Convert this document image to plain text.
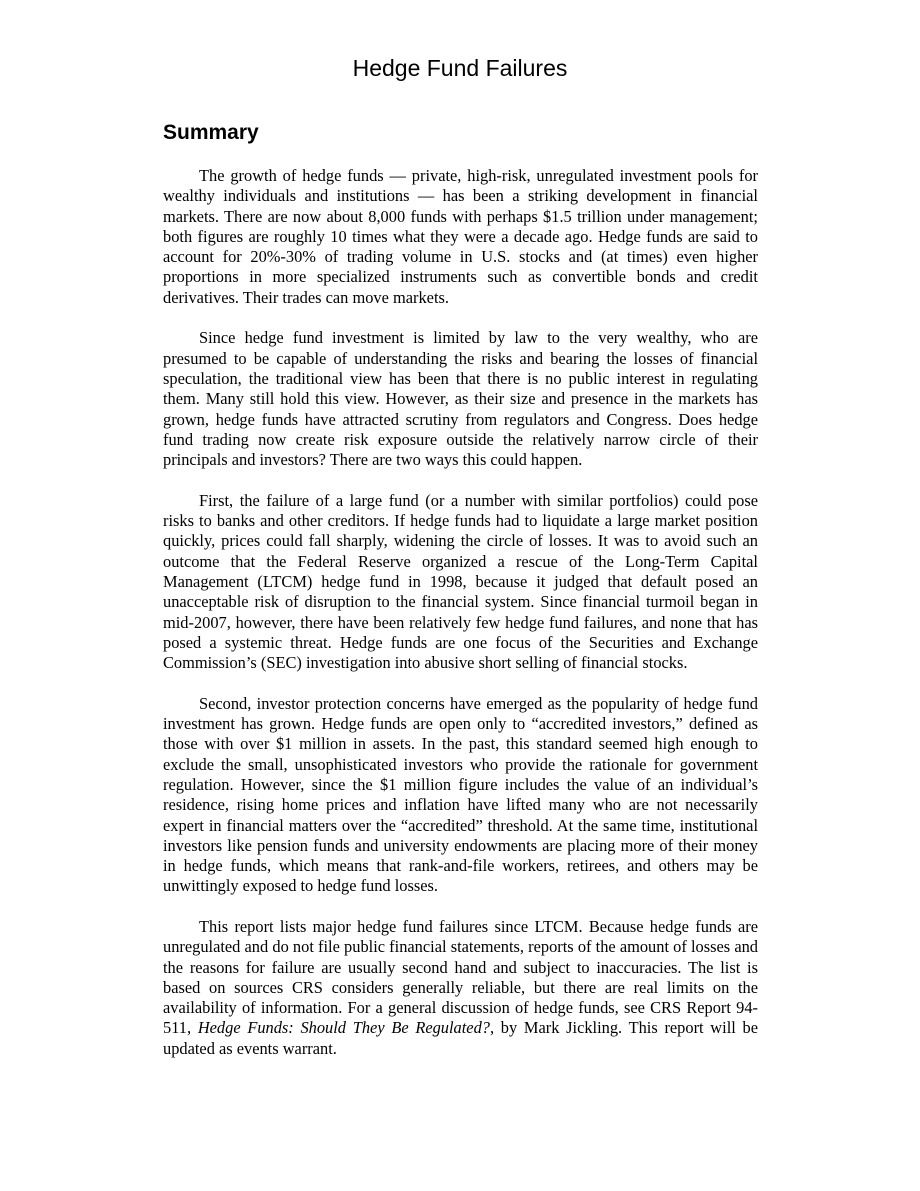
Hedge Fund Failures
Summary

The growth of hedge funds — private, high-risk, unregulated investment pools for wealthy individuals and institutions — has been a striking development in financial markets. There are now about 8,000 funds with perhaps $1.5 trillion under management; both figures are roughly 10 times what they were a decade ago. Hedge funds are said to account for 20%-30% of trading volume in U.S. stocks and (at times) even higher proportions in more specialized instruments such as convertible bonds and credit derivatives. Their trades can move markets.

Since hedge fund investment is limited by law to the very wealthy, who are presumed to be capable of understanding the risks and bearing the losses of financial speculation, the traditional view has been that there is no public interest in regulating them. Many still hold this view. However, as their size and presence in the markets has grown, hedge funds have attracted scrutiny from regulators and Congress. Does hedge fund trading now create risk exposure outside the relatively narrow circle of their principals and investors? There are two ways this could happen.

First, the failure of a large fund (or a number with similar portfolios) could pose risks to banks and other creditors. If hedge funds had to liquidate a large market position quickly, prices could fall sharply, widening the circle of losses. It was to avoid such an outcome that the Federal Reserve organized a rescue of the Long-Term Capital Management (LTCM) hedge fund in 1998, because it judged that default posed an unacceptable risk of disruption to the financial system. Since financial turmoil began in mid-2007, however, there have been relatively few hedge fund failures, and none that has posed a systemic threat. Hedge funds are one focus of the Securities and Exchange Commission’s (SEC) investigation into abusive short selling of financial stocks.

Second, investor protection concerns have emerged as the popularity of hedge fund investment has grown. Hedge funds are open only to “accredited investors,” defined as those with over $1 million in assets. In the past, this standard seemed high enough to exclude the small, unsophisticated investors who provide the rationale for government regulation. However, since the $1 million figure includes the value of an individual’s residence, rising home prices and inflation have lifted many who are not necessarily expert in financial matters over the “accredited” threshold. At the same time, institutional investors like pension funds and university endowments are placing more of their money in hedge funds, which means that rank-and-file workers, retirees, and others may be unwittingly exposed to hedge fund losses.

This report lists major hedge fund failures since LTCM. Because hedge funds are unregulated and do not file public financial statements, reports of the amount of losses and the reasons for failure are usually second hand and subject to inaccuracies. The list is based on sources CRS considers generally reliable, but there are real limits on the availability of information. For a general discussion of hedge funds, see CRS Report 94-511, Hedge Funds: Should They Be Regulated?, by Mark Jickling. This report will be updated as events warrant.
